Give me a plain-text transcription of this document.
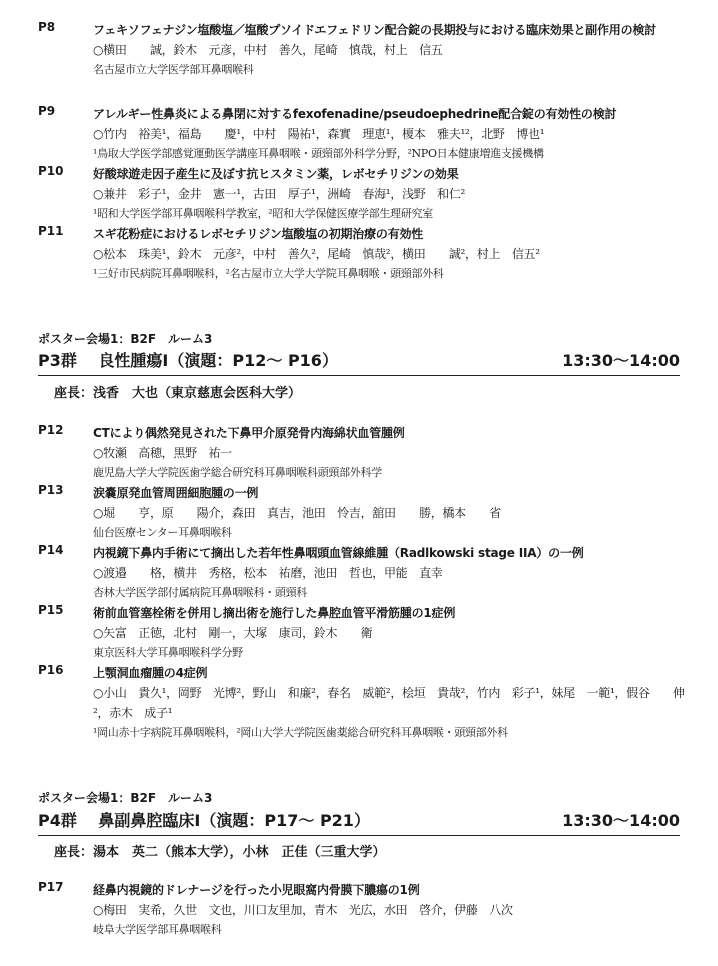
P8	フェキソフェナジン塩酸塩／塩酸プソイドエフェドリン配合錠の長期投与における臨床効果と副作用の検討
○横田　　誠，鈴木　元彦，中村　善久，尾崎　慎哉，村上　信五
名古屋市立大学医学部耳鼻咽喉科
P9	アレルギー性鼻炎による鼻閉に対するfexofenadine/pseudoephedrine配合錠の有効性の検討
○竹内　裕美¹，福島　　慶¹，中村　陽祐¹，森實　理恵¹，榎本　雅夫¹²，北野　博也¹
¹鳥取大学医学部感覚運動医学講座耳鼻咽喉・頭頸部外科学分野，²NPO日本健康増進支援機構
P10 好酸球遊走因子産生に及ぼす抗ヒスタミン薬，レボセチリジンの効果
○兼井　彩子¹，金井　憲一¹，古田　厚子¹，洲崎　春海¹，浅野　和仁²
¹昭和大学医学部耳鼻咽喉科学教室，²昭和大学保健医療学部生理研究室
P11 スギ花粉症におけるレボセチリジン塩酸塩の初期治療の有効性
○松本　珠美¹，鈴木　元彦²，中村　善久²，尾崎　慎哉²，横田　　誠²，村上　信五²
¹三好市民病院耳鼻咽喉科，²名古屋市立大学大学院耳鼻咽喉・頭頸部外科
ポスター会場1：B2F　ルーム3
P3群　 良性腫瘍Ⅰ（演題：P12〜 P16）	13:30〜14:00
座長：浅香　大也（東京慈恵会医科大学）
P12 CTにより偶然発見された下鼻甲介原発骨内海綿状血管腫例
○牧瀬　高穂，黒野　祐一
鹿児島大学大学院医歯学総合研究科耳鼻咽喉科頭頸部外科学
P13 涙嚢原発血管周囲細胞腫の一例
○堀　　亨，原　　陽介，森田　真吉，池田　怜吉，舘田　　勝，橋本　　省
仙台医療センター耳鼻咽喉科
P14 内視鏡下鼻内手術にて摘出した若年性鼻咽頭血管線維腫（Radlkowski stage IIA）の一例
○渡邉　　格，横井　秀格，松本　祐磨，池田　哲也，甲能　直幸
杏林大学医学部付属病院耳鼻咽喉科・頭頸科
P15 術前血管塞栓術を併用し摘出術を施行した鼻腔血管平滑筋腫の1症例
○矢富　正徳，北村　剛一，大塚　康司，鈴木　　衛
東京医科大学耳鼻咽喉科学分野
P16 上顎洞血瘤腫の4症例
○小山　貴久¹，岡野　光博²，野山　和廉²，春名　威範²，桧垣　貴哉²，竹内　彩子¹，妹尾　一範¹，假谷　　伸²，赤木　成子¹
¹岡山赤十字病院耳鼻咽喉科，²岡山大学大学院医歯薬総合研究科耳鼻咽喉・頭頸部外科
ポスター会場1：B2F　ルーム3
P4群　 鼻副鼻腔臨床Ⅰ（演題：P17〜 P21）	13:30〜14:00
座長：湯本　英二（熊本大学），小林　正佳（三重大学）
P17 経鼻内視鏡的ドレナージを行った小児眼窩内骨膜下膿瘍の1例
○梅田　実希，久世　文也，川口友里加，青木　光広，水田　啓介，伊藤　八次
岐阜大学医学部耳鼻咽喉科
